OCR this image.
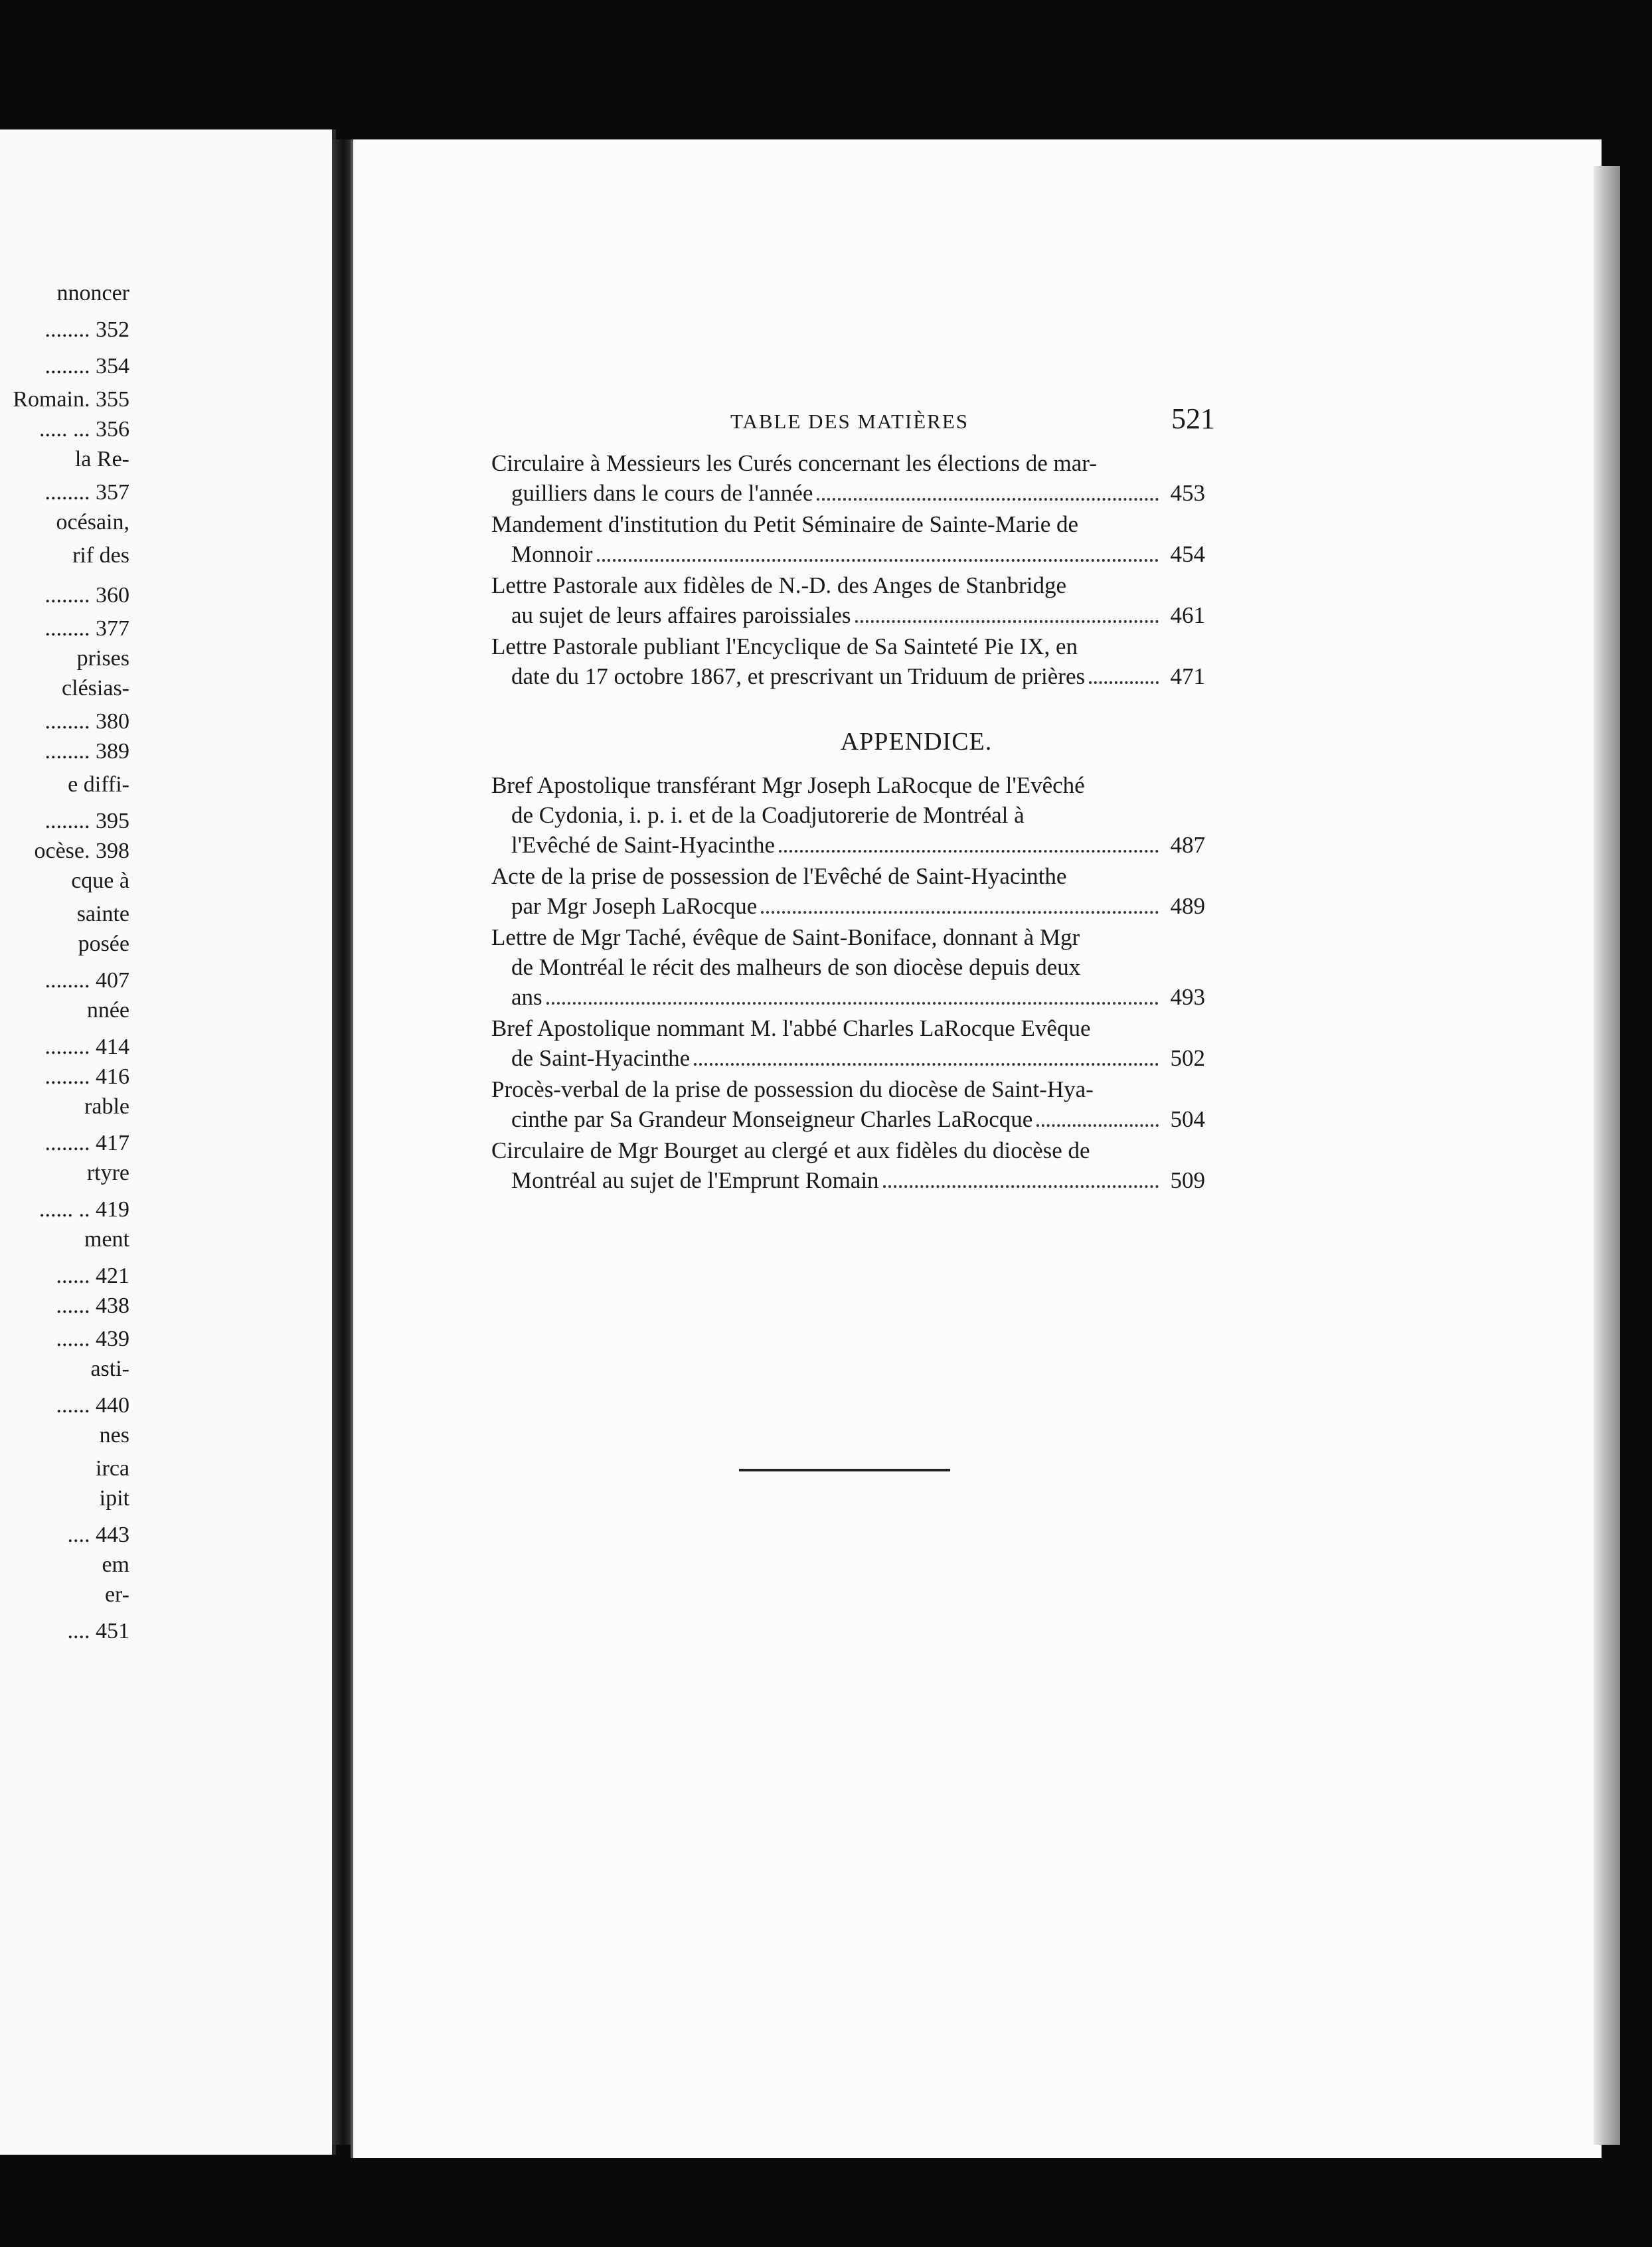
nnoncer
........ 352
........ 354
Romain. 355
..... ... 356
la Re-
........ 357
océsain,
rif des
........ 360
........ 377
prises
clésias-
........ 380
........ 389
e diffi-
........ 395
ocèse. 398
cque à
sainte
posée
........ 407
nnée
........ 414
........ 416
rable
........ 417
rtyre
...... .. 419
ment
...... 421
...... 438
...... 439
asti-
...... 440
nes
irca
ipit
.... 443
em
er-
.... 451
TABLE DES MATIÈRES	521
Circulaire à Messieurs les Curés concernant les élections de mar-
guilliers dans le cours de l'année	453
Mandement d'institution du Petit Séminaire de Sainte-Marie de
Monnoir	454
Lettre Pastorale aux fidèles de N.-D. des Anges de Stanbridge
au sujet de leurs affaires paroissiales	461
Lettre Pastorale publiant l'Encyclique de Sa Sainteté Pie IX, en
date du 17 octobre 1867, et prescrivant un Triduum de prières	471
APPENDICE.
Bref Apostolique transférant Mgr Joseph LaRocque de l'Evêché
de Cydonia, i. p. i. et de la Coadjutorerie de Montréal à
l'Evêché de Saint-Hyacinthe	487
Acte de la prise de possession de l'Evêché de Saint-Hyacinthe
par Mgr Joseph LaRocque	489
Lettre de Mgr Taché, évêque de Saint-Boniface, donnant à Mgr
de Montréal le récit des malheurs de son diocèse depuis deux
ans	493
Bref Apostolique nommant M. l'abbé Charles LaRocque Evêque
de Saint-Hyacinthe	502
Procès-verbal de la prise de possession du diocèse de Saint-Hya-
cinthe par Sa Grandeur Monseigneur Charles LaRocque	504
Circulaire de Mgr Bourget au clergé et aux fidèles du diocèse de
Montréal au sujet de l'Emprunt Romain	509
